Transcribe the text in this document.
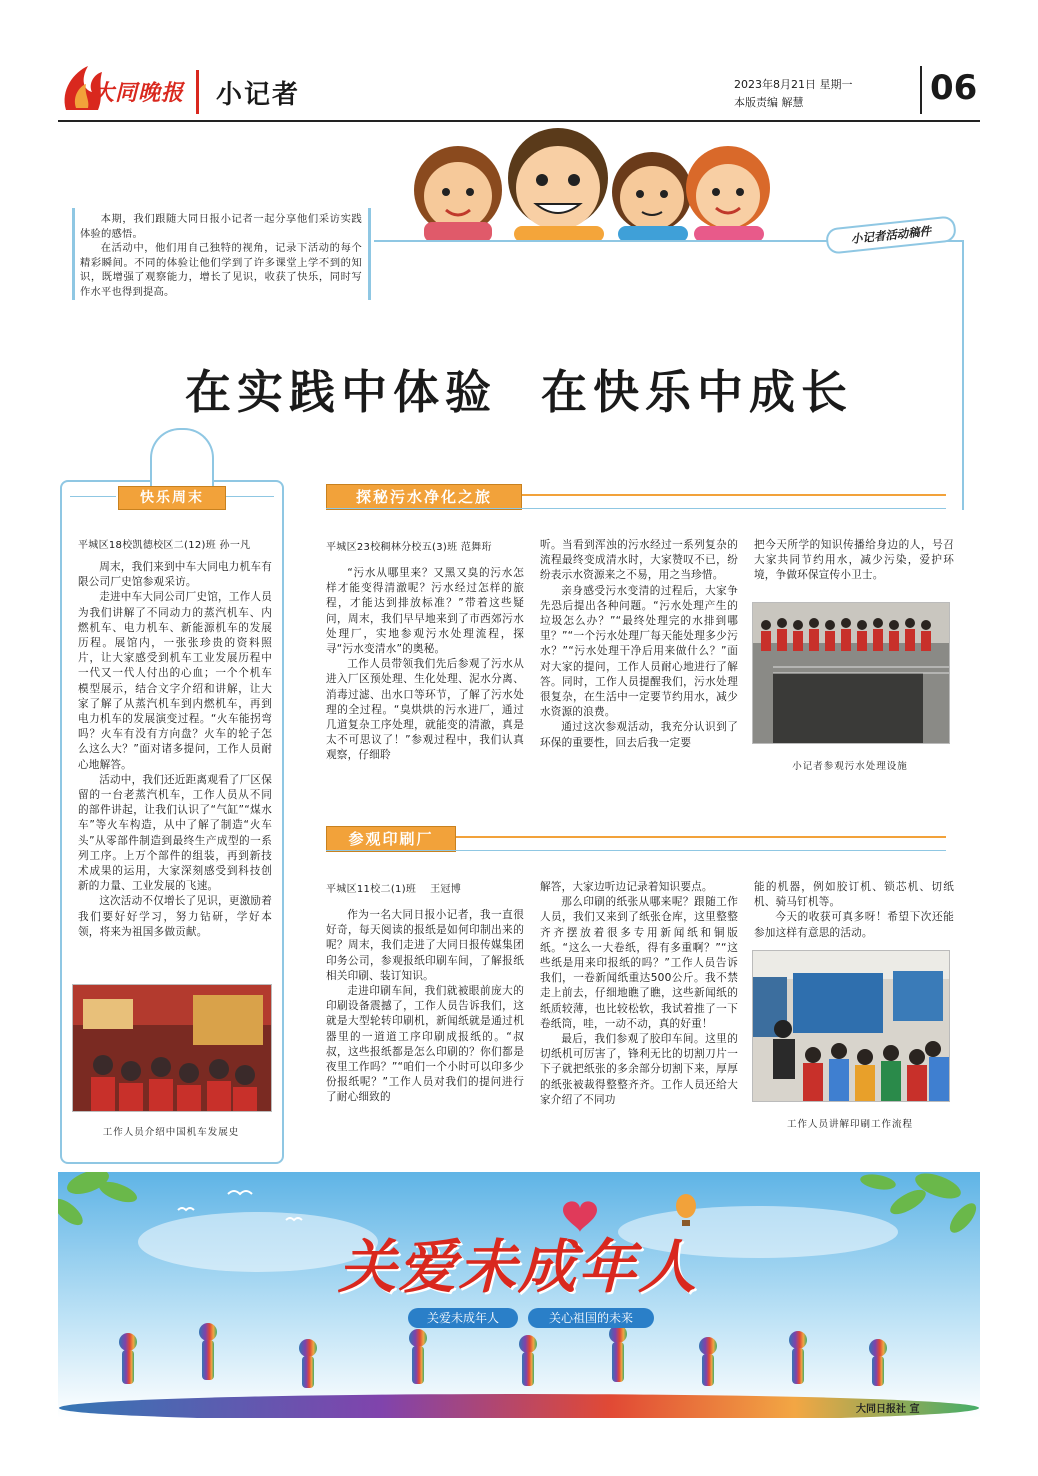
大同晚报 小记者	2023年8月21日 星期一
本版责编 解慧	06

本期，我们跟随大同日报小记者一起分享他们采访实践体验的感悟。

在活动中，他们用自己独特的视角，记录下活动的每个精彩瞬间。不同的体验让他们学到了许多课堂上学不到的知识，既增强了观察能力，增长了见识，收获了快乐，同时写作水平也得到提高。

小记者活动稿件
在实践中体验  在快乐中成长
快乐周末
平城区18校凯德校区二(12)班 孙一凡

周末，我们来到中车大同电力机车有限公司厂史馆参观采访。

走进中车大同公司厂史馆，工作人员为我们讲解了不同动力的蒸汽机车、内燃机车、电力机车、新能源机车的发展历程。展馆内，一张张珍贵的资料照片，让大家感受到机车工业发展历程中一代又一代人付出的心血；一个个机车模型展示，结合文字介绍和讲解，让大家了解了从蒸汽机车到内燃机车，再到电力机车的发展演变过程。“火车能拐弯吗？火车有没有方向盘？火车的轮子怎么这么大？”面对诸多提问，工作人员耐心地解答。

活动中，我们还近距离观看了厂区保留的一台老蒸汽机车，工作人员从不同的部件讲起，让我们认识了“气缸”“煤水车”等火车构造，从中了解了制造“火车头”从零部件制造到最终生产成型的一系列工序。上万个部件的组装，再到新技术成果的运用，大家深刻感受到科技创新的力量、工业发展的飞速。

这次活动不仅增长了见识，更激励着我们要好好学习，努力钻研，学好本领，将来为祖国多做贡献。

工作人员介绍中国机车发展史
探秘污水净化之旅
平城区23校稠林分校五(3)班 范舞珩

“污水从哪里来？又黑又臭的污水怎样才能变得清澈呢？污水经过怎样的旅程，才能达到排放标准？”带着这些疑问，周末，我们早早地来到了市西郊污水处理厂，实地参观污水处理流程，探寻“污水变清水”的奥秘。

工作人员带领我们先后参观了污水从进入厂区预处理、生化处理、泥水分离、消毒过滤、出水口等环节，了解了污水处理的全过程。“臭烘烘的污水进厂，通过几道复杂工序处理，就能变的清澈，真是太不可思议了！”参观过程中，我们认真观察，仔细聆

听。当看到浑浊的污水经过一系列复杂的流程最终变成清水时，大家赞叹不已，纷纷表示水资源来之不易，用之当珍惜。

亲身感受污水变清的过程后，大家争先恐后提出各种问题。“污水处理产生的垃圾怎么办？”“最终处理完的水排到哪里？”“一个污水处理厂每天能处理多少污水？”“污水处理干净后用来做什么？”面对大家的提问，工作人员耐心地进行了解答。同时，工作人员提醒我们，污水处理很复杂，在生活中一定要节约用水，减少水资源的浪费。

通过这次参观活动，我充分认识到了环保的重要性，回去后我一定要

把今天所学的知识传播给身边的人，号召大家共同节约用水，减少污染，爱护环境，争做环保宣传小卫士。

小记者参观污水处理设施
参观印刷厂
平城区11校二(1)班    王冠博

作为一名大同日报小记者，我一直很好奇，每天阅读的报纸是如何印制出来的呢？周末，我们走进了大同日报传媒集团印务公司，参观报纸印刷车间，了解报纸相关印刷、装订知识。

走进印刷车间，我们就被眼前庞大的印刷设备震撼了，工作人员告诉我们，这就是大型轮转印刷机，新闻纸就是通过机器里的一道道工序印刷成报纸的。“叔叔，这些报纸都是怎么印刷的？你们都是夜里工作吗？”“咱们一个小时可以印多少份报纸呢？”工作人员对我们的提问进行了耐心细致的

解答，大家边听边记录着知识要点。

那么印刷的纸张从哪来呢？跟随工作人员，我们又来到了纸张仓库，这里整整齐齐摆放着很多专用新闻纸和铜版纸。“这么一大卷纸，得有多重啊？”“这些纸是用来印报纸的吗？”工作人员告诉我们，一卷新闻纸重达500公斤。我不禁走上前去，仔细地瞧了瞧，这些新闻纸的纸质较薄，也比较松软，我试着推了一下卷纸筒，哇，一动不动，真的好重！

最后，我们参观了胶印车间。这里的切纸机可厉害了，锋利无比的切割刀片一下子就把纸张的多余部分切割下来，厚厚的纸张被裁得整整齐齐。工作人员还给大家介绍了不同功

能的机器，例如胶订机、锁芯机、切纸机、骑马钉机等。

今天的收获可真多呀！希望下次还能参加这样有意思的活动。

工作人员讲解印刷工作流程
关爱未成年人
关爱未成年人	关心祖国的未来
大同日报社 宣
